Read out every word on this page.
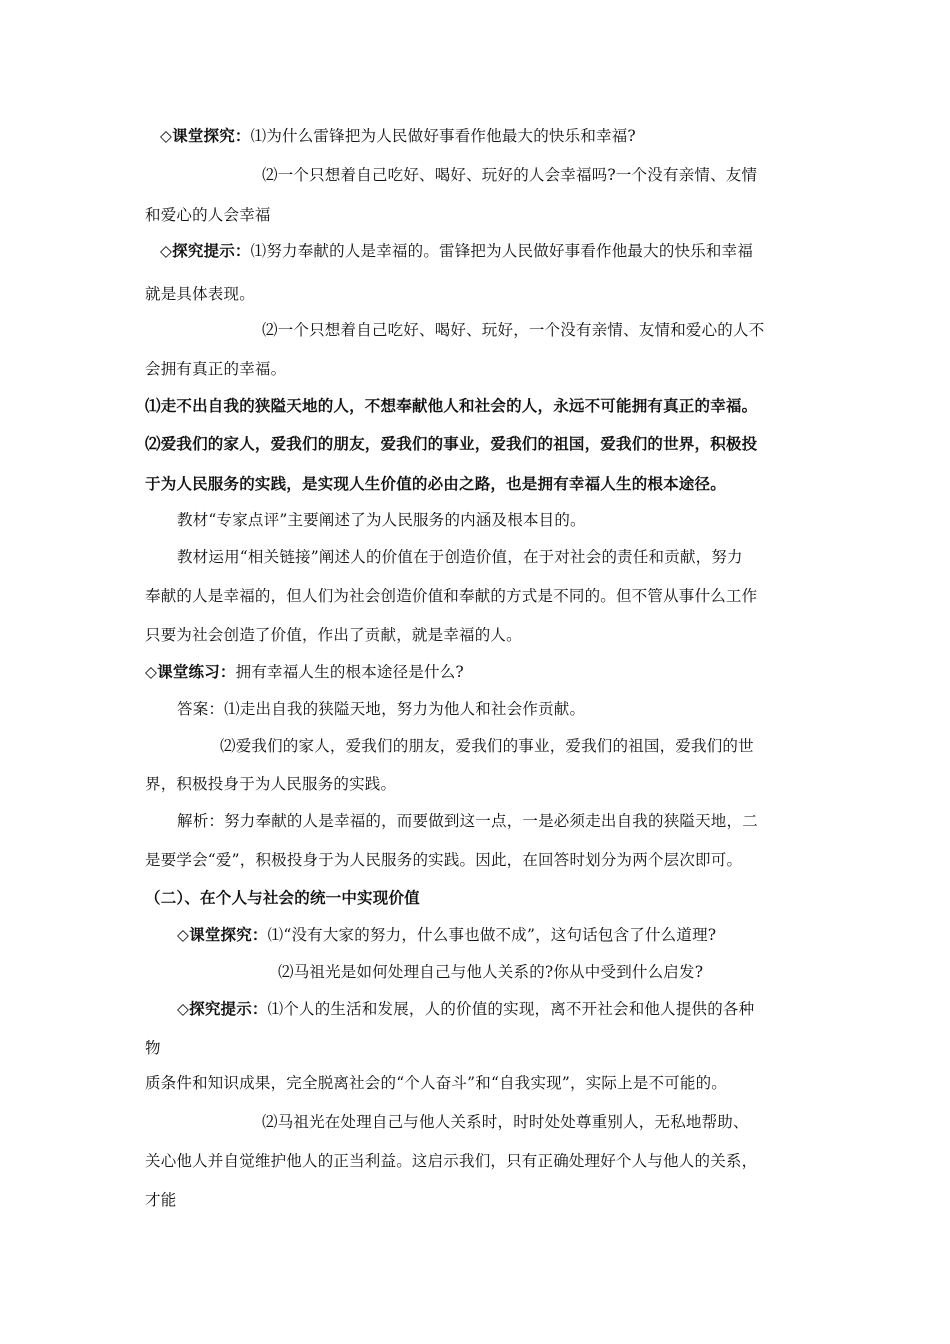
◇课堂探究：⑴为什么雷锋把为人民做好事看作他最大的快乐和幸福?
⑵一个只想着自己吃好、喝好、玩好的人会幸福吗?一个没有亲情、友情
和爱心的人会幸福
◇探究提示：⑴努力奉献的人是幸福的。雷锋把为人民做好事看作他最大的快乐和幸福
就是具体表现。
⑵一个只想着自己吃好、喝好、玩好，一个没有亲情、友情和爱心的人不
会拥有真正的幸福。
⑴走不出自我的狭隘天地的人，不想奉献他人和社会的人，永远不可能拥有真正的幸福。
⑵爱我们的家人，爱我们的朋友，爱我们的事业，爱我们的祖国，爱我们的世界，积极投
于为人民服务的实践，是实现人生价值的必由之路，也是拥有幸福人生的根本途径。
教材“专家点评”主要阐述了为人民服务的内涵及根本目的。
教材运用“相关链接”阐述人的价值在于创造价值，在于对社会的责任和贡献，努力
奉献的人是幸福的，但人们为社会创造价值和奉献的方式是不同的。但不管从事什么工作
只要为社会创造了价值，作出了贡献，就是幸福的人。
◇课堂练习：拥有幸福人生的根本途径是什么?
答案：⑴走出自我的狭隘天地，努力为他人和社会作贡献。
⑵爱我们的家人，爱我们的朋友，爱我们的事业，爱我们的祖国，爱我们的世
界，积极投身于为人民服务的实践。
解析：努力奉献的人是幸福的，而要做到这一点，一是必须走出自我的狭隘天地，二
是要学会“爱”，积极投身于为人民服务的实践。因此，在回答时划分为两个层次即可。
（二）、在个人与社会的统一中实现价值
◇课堂探究：⑴“没有大家的努力，什么事也做不成”，这句话包含了什么道理?
⑵马祖光是如何处理自己与他人关系的?你从中受到什么启发?
◇探究提示：⑴个人的生活和发展，人的价值的实现，离不开社会和他人提供的各种
物
质条件和知识成果，完全脱离社会的“个人奋斗”和“自我实现”，实际上是不可能的。
⑵马祖光在处理自己与他人关系时，时时处处尊重别人，无私地帮助、
关心他人并自觉维护他人的正当利益。这启示我们，只有正确处理好个人与他人的关系，
才能
